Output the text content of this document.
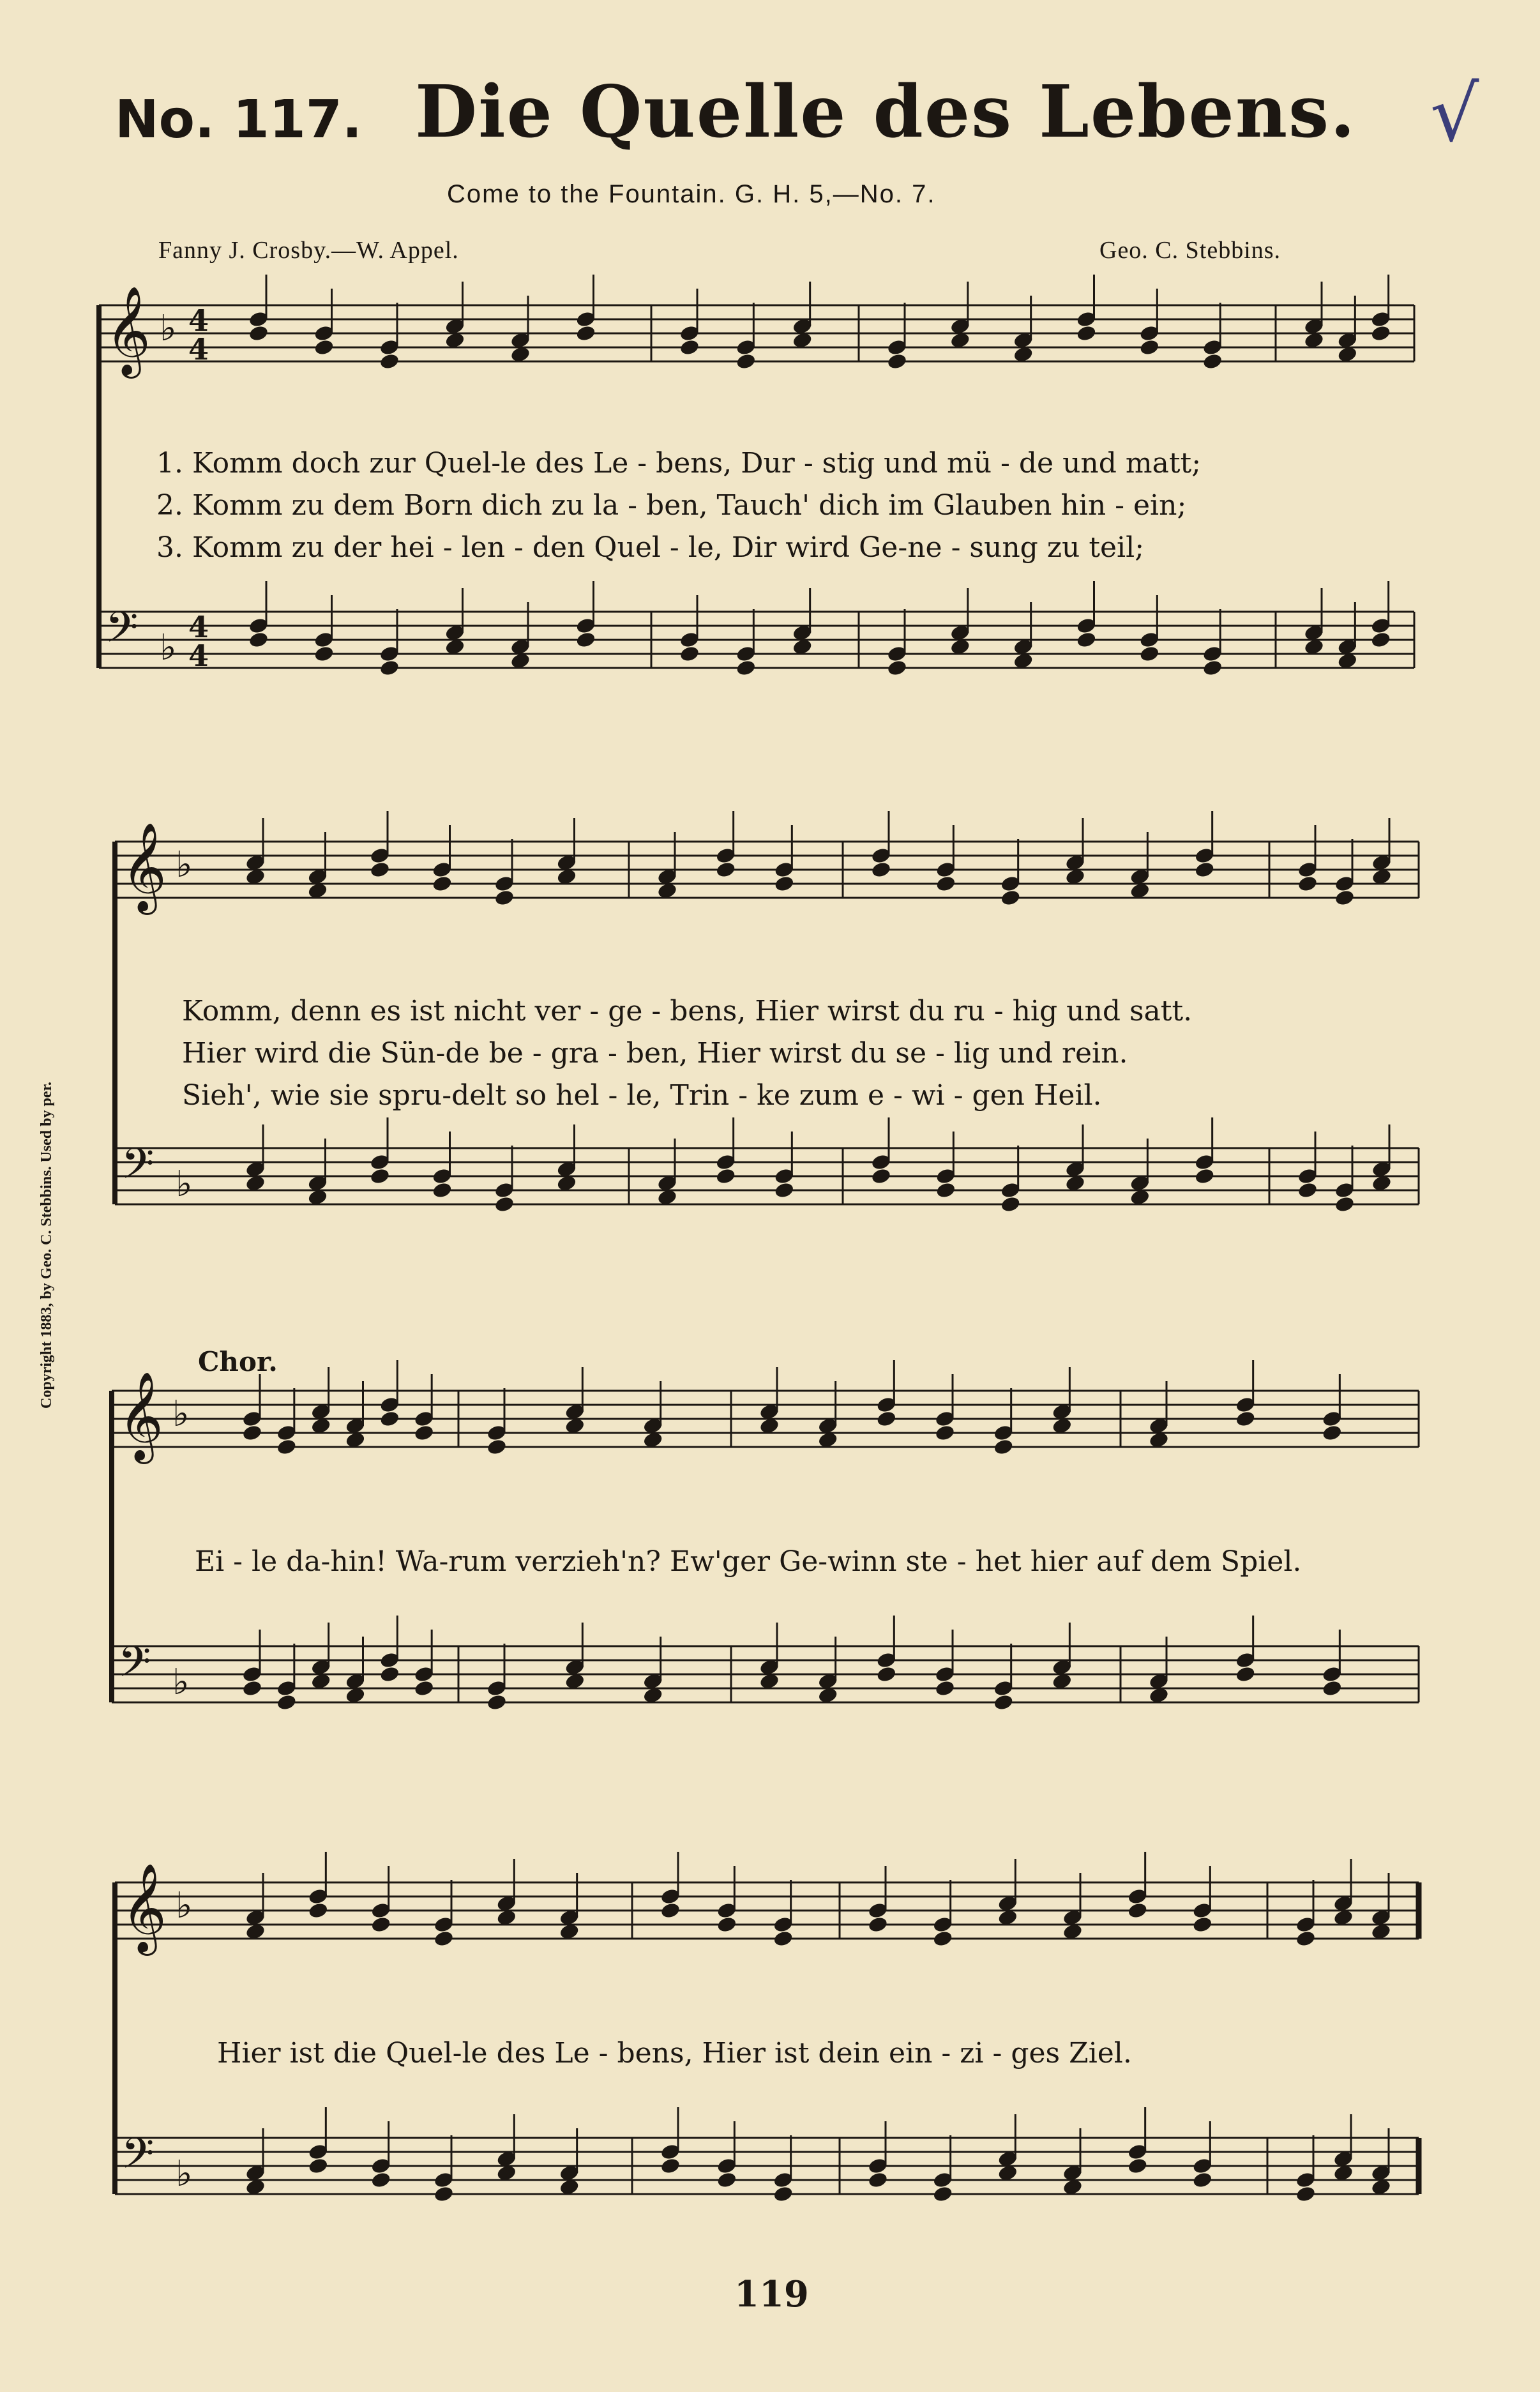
No. 117. Die Quelle des Lebens. √
Come to the Fountain. G. H. 5,—No. 7.
Fanny J. Crosby.—W. Appel.	Geo. C. Stebbins.
Copyright 1883, by Geo. C. Stebbins. Used by per.
𝄞 ♭ 4
4
𝄢 ♭ 4
4
𝄞 ♭
𝄢 ♭
𝄞 ♭
𝄢 ♭
𝄞 ♭
𝄢 ♭
1. Komm doch zur Quel-le des Le - bens, Dur - stig und mü - de und matt;
2. Komm zu dem Born dich zu la - ben, Tauch' dich im Glauben hin - ein;
3. Komm zu der hei - len - den Quel - le, Dir wird Ge-ne - sung zu teil;
Komm, denn es ist nicht ver - ge - bens, Hier wirst du ru - hig und satt.
Hier wird die Sün-de be - gra - ben, Hier wirst du se - lig und rein.
Sieh', wie sie spru-delt so hel - le, Trin - ke zum e - wi - gen Heil.
Chor.
Ei - le da-hin! Wa-rum verzieh'n? Ew'ger Ge-winn ste - het hier auf dem Spiel.
Hier ist die Quel-le des Le - bens, Hier ist dein ein - zi - ges Ziel.
119
